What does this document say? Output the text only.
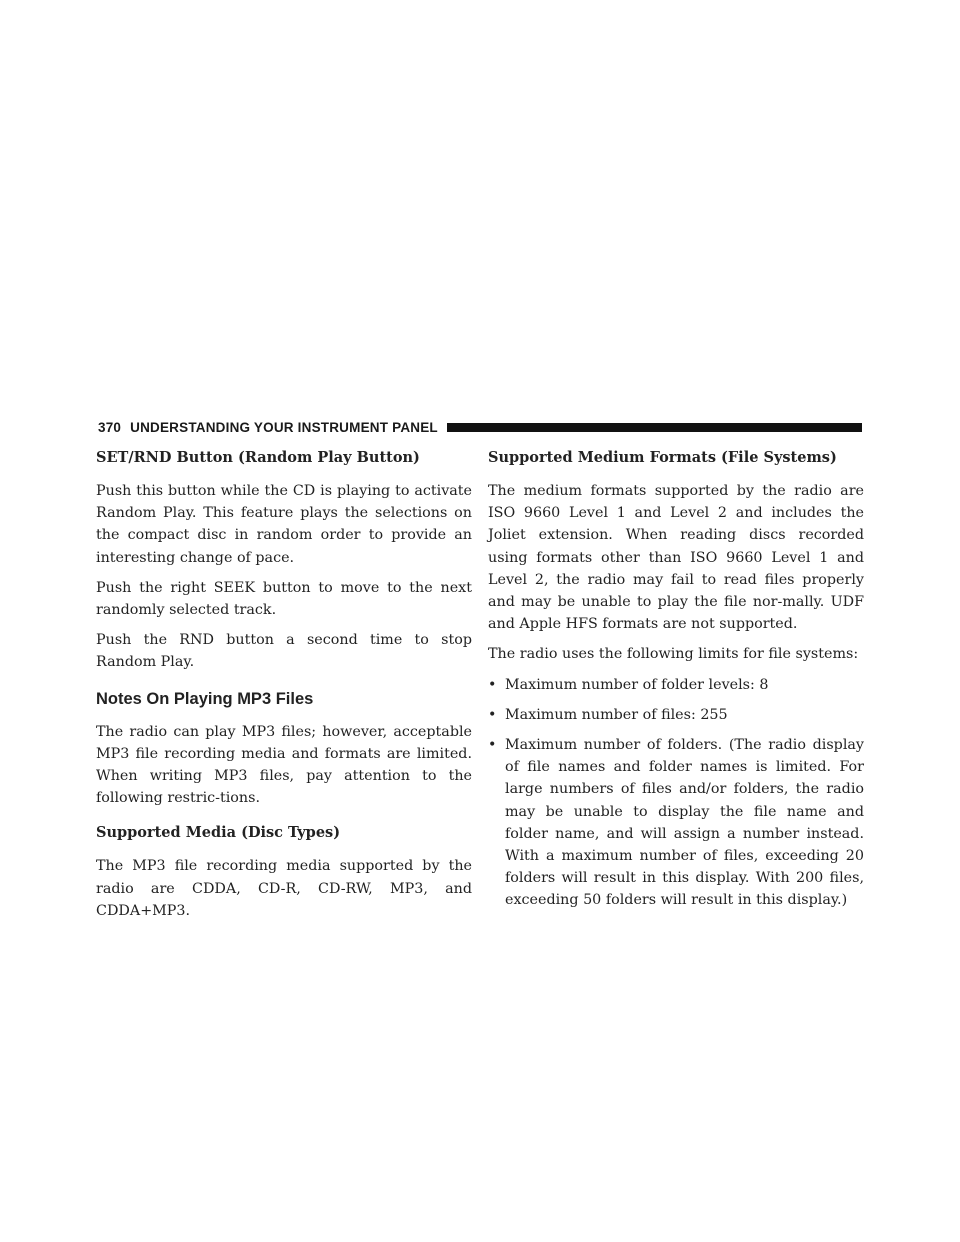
370 UNDERSTANDING YOUR INSTRUMENT PANEL
SET/RND Button (Random Play Button)

Push this button while the CD is playing to activate Random Play. This feature plays the selections on the compact disc in random order to provide an interesting change of pace.

Push the right SEEK button to move to the next randomly selected track.

Push the RND button a second time to stop Random Play.

Notes On Playing MP3 Files

The radio can play MP3 files; however, acceptable MP3 file recording media and formats are limited. When writing MP3 files, pay attention to the following restric-tions.

Supported Media (Disc Types)

The MP3 file recording media supported by the radio are CDDA, CD-R, CD-RW, MP3, and CDDA+MP3.

Supported Medium Formats (File Systems)

The medium formats supported by the radio are ISO 9660 Level 1 and Level 2 and includes the Joliet extension. When reading discs recorded using formats other than ISO 9660 Level 1 and Level 2, the radio may fail to read files properly and may be unable to play the file nor-mally. UDF and Apple HFS formats are not supported.

The radio uses the following limits for file systems:

• Maximum number of folder levels: 8
• Maximum number of files: 255
• Maximum number of folders. (The radio display of file names and folder names is limited. For large numbers of files and/or folders, the radio may be unable to display the file name and folder name, and will assign a number instead. With a maximum number of files, exceeding 20 folders will result in this display. With 200 files, exceeding 50 folders will result in this display.)
